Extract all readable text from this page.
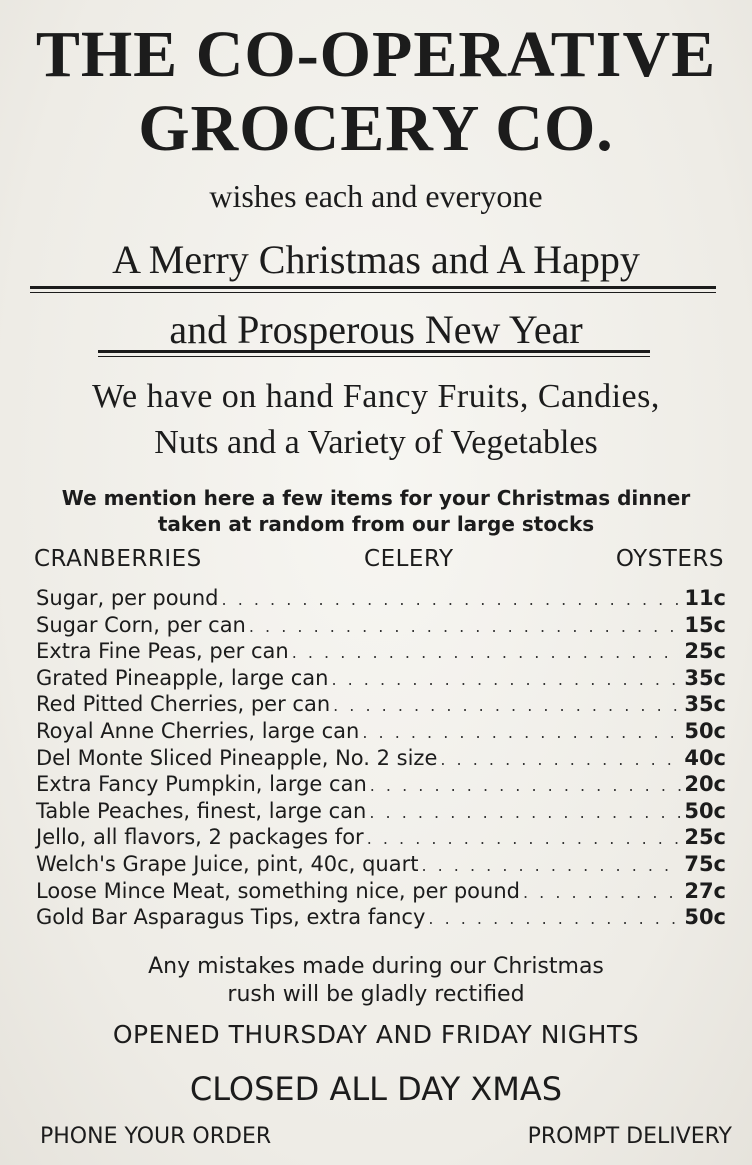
THE CO-OPERATIVE
GROCERY CO.
wishes each and everyone
A Merry Christmas and A Happy
and Prosperous New Year
We have on hand Fancy Fruits, Candies,
Nuts and a Variety of Vegetables
We mention here a few items for your Christmas dinner
taken at random from our large stocks
CRANBERRIES	CELERY	OYSTERS
Sugar, per pound . . .	11c
Sugar Corn, per can . . .	15c
Extra Fine Peas, per can . . .	25c
Grated Pineapple, large can . . .	35c
Red Pitted Cherries, per can . . .	35c
Royal Anne Cherries, large can . . .	50c
Del Monte Sliced Pineapple, No. 2 size . . .	40c
Extra Fancy Pumpkin, large can . . .	20c
Table Peaches, finest, large can . . .	50c
Jello, all flavors, 2 packages for . . .	25c
Welch's Grape Juice, pint, 40c, quart . . .	75c
Loose Mince Meat, something nice, per pound . . .	27c
Gold Bar Asparagus Tips, extra fancy . . .	50c
Any mistakes made during our Christmas
rush will be gladly rectified
OPENED THURSDAY AND FRIDAY NIGHTS
CLOSED ALL DAY XMAS
PHONE YOUR ORDER	PROMPT DELIVERY
